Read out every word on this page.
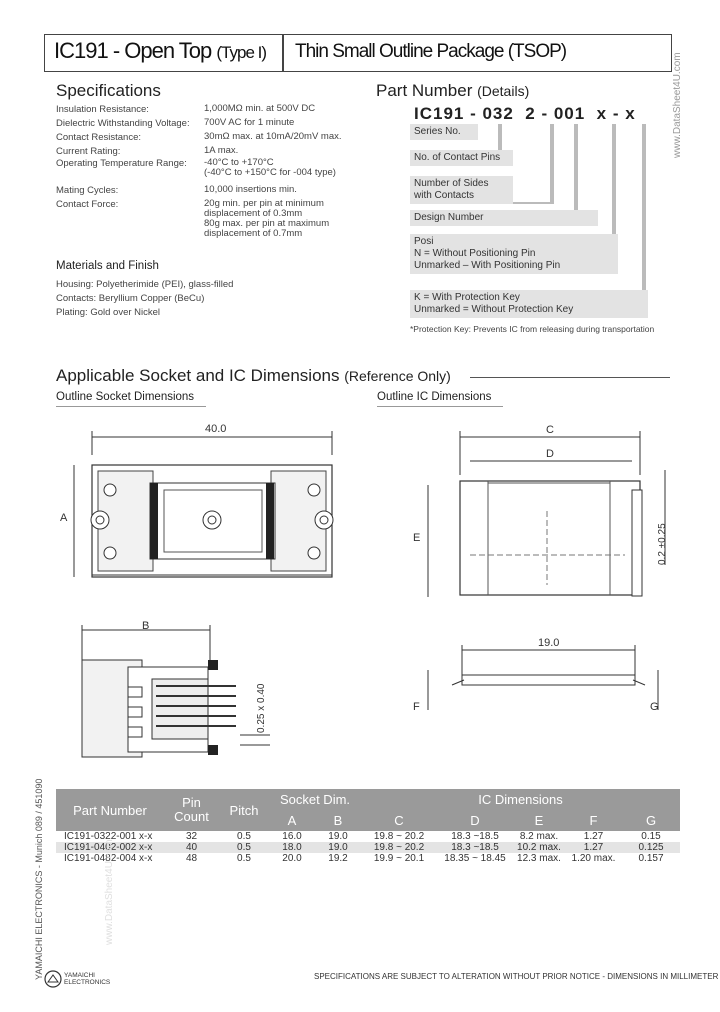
IC191 - Open Top (Type I) Thin Small Outline Package (TSOP)
Specifications
Insulation Resistance:	1,000MΩ min. at 500V DC
Dielectric Withstanding Voltage: 700V AC for 1 minute
Contact Resistance:	30mΩ max. at 10mA/20mV max.
Current Rating:	1A max.
Operating Temperature Range: -40°C to +170°C
(-40°C to +150°C for -004 type)
Mating Cycles:	10,000 insertions min.
Contact Force:	20g min. per pin at minimum
displacement of 0.3mm
80g max. per pin at maximum
displacement of 0.7mm
Materials and Finish
Housing: Polyetherimide (PEI), glass-filled
Contacts: Beryllium Copper (BeCu)
Plating: Gold over Nickel
Part Number (Details)
IC191 - 032  2 - 001  x - x
Series No.
No. of Contact Pins
Number of Sides
with Contacts
Design Number
Posi
N = Without Positioning Pin
Unmarked – With Positioning Pin
K = With Protection Key
Unmarked = Without Protection Key
*Protection Key: Prevents IC from releasing during transportation
Applicable Socket and IC Dimensions (Reference Only)
Outline Socket Dimensions	Outline IC Dimensions
40.0
A
C
D
E	0.2 ±0.25
B
0.25 x 0.40
19.0
F	G
Part Number	Pin Count	Pitch	Socket Dim.		IC Dimensions				
			A	B	C	D	E	F	G
IC191-0322-001 x-x	32	0.5	16.0	19.0	19.8 ~ 20.2	18.3 ~18.5	8.2 max.	1.27	0.15
IC191-0402-002 x-x	40	0.5	18.0	19.0	19.8 ~ 20.2	18.3 ~18.5	10.2 max.	1.27	0.125
IC191-0482-004 x-x	48	0.5	20.0	19.2	19.9 ~ 20.1	18.35 ~ 18.45	12.3 max.	1.20 max.	0.157
YAMAICHI ELECTRONICS - Munich 089 / 451090
www.DataSheet4U.com
www.DataSheet4U.com
YAMAICHI ELECTRONICS
SPECIFICATIONS ARE SUBJECT TO ALTERATION WITHOUT PRIOR NOTICE - DIMENSIONS IN MILLIMETER
